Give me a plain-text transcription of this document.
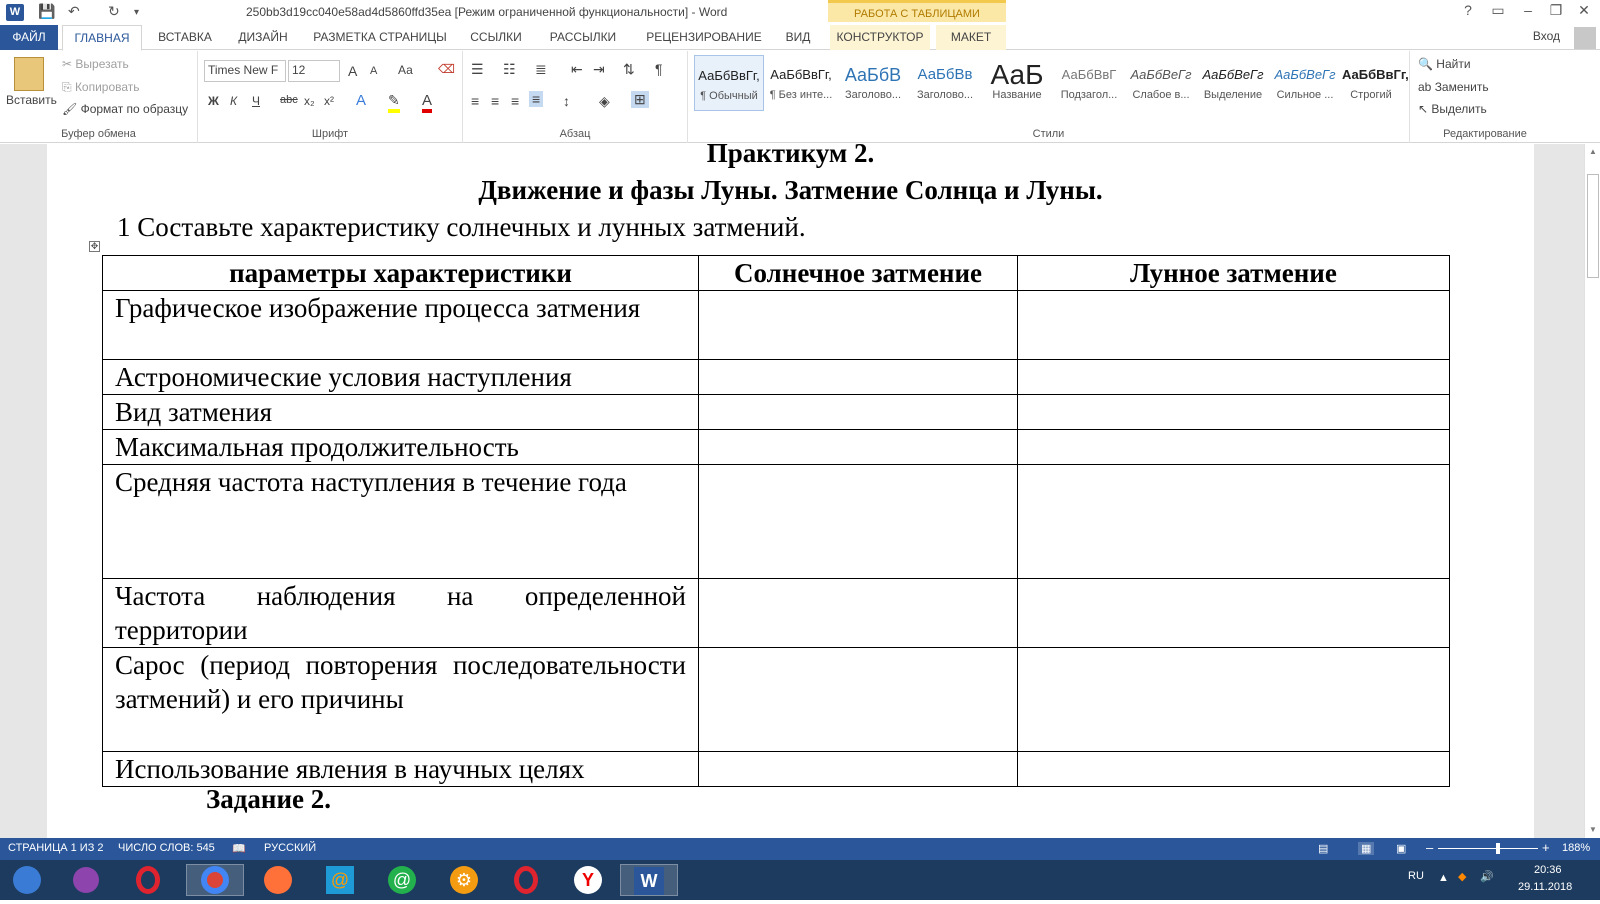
W 💾 ↶ ↻ ▾	250bb3d19cc040e58ad4d5860ffd35ea [Режим ограниченной функциональности] - Word	РАБОТА С ТАБЛИЦАМИ	?	▭	–	❐	✕
ФАЙЛ	ГЛАВНАЯ	ВСТАВКА	ДИЗАЙН	РАЗМЕТКА СТРАНИЦЫ	ССЫЛКИ	РАССЫЛКИ	РЕЦЕНЗИРОВАНИЕ	ВИД	КОНСТРУКТОР	МАКЕТ	Вход
Вставить
✂ Вырезать
⎘ Копировать
🖌 Формат по образцу
Буфер обмена
Times New F	12	A A Аа ⌫
Ж К Ч abc x₂ x² A ✎ A
Шрифт
☰ ☷ ≣ ⇤ ⇥ ⇅ ¶
≡ ≡ ≡ ≡ ↕ ◈ ⊞
Абзац
АаБбВвГг,
¶ Обычный
АаБбВвГг,
¶ Без инте...
АаБбВ
Заголово...
АаБбВв
Заголово...
АаБ
Название
АаБбВвГ
Подзагол...
АаБбВеГг
Слабое в...
АаБбВеГг
Выделение
АаБбВеГг
Сильное ...
АаБбВвГг,
Строгий
Стили
🔍 Найти
ab Заменить
↖ Выделить
Редактирование
Практикум 2.
Движение и фазы Луны. Затмение Солнца и Луны.
1 Составьте характеристику солнечных и лунных затмений.
✥
параметры характеристики	Солнечное затмение	Лунное затмение
Графическое изображение процесса затмения		
Астрономические условия наступления		
Вид затмения		
Максимальная продолжительность		
Средняя частота наступления в течение года		
Частота наблюдения на определенной территории		
Сарос (период повторения последовательности затмений) и его причины		
Использование явления в научных целях		
Задание 2.
▲
▼
СТРАНИЦА 1 ИЗ 2 ЧИСЛО СЛОВ: 545 📖 РУССКИЙ	▤	▦ ▣ –	+ 188%
@	@	⚙	Y	W	RU ▲ ◆ 🔊
20:36
29.11.2018
